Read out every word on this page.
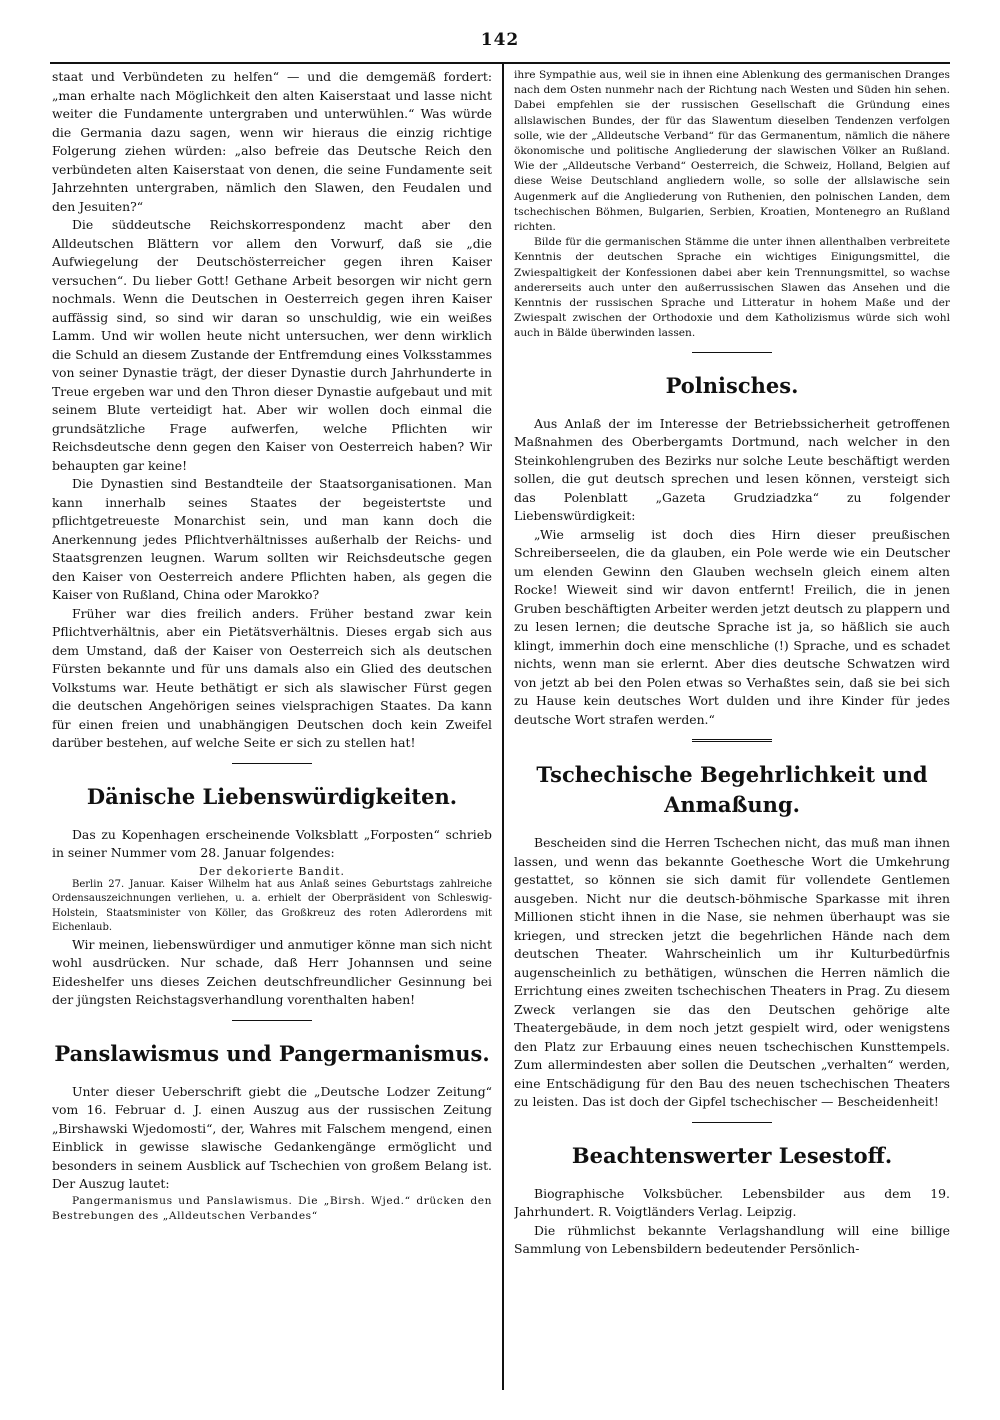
142

staat und Verbündeten zu helfen“ — und die demgemäß fordert: „man erhalte nach Möglichkeit den alten Kaiserstaat und lasse nicht weiter die Fundamente untergraben und unterwühlen.“ Was würde die Germania dazu sagen, wenn wir hieraus die einzig richtige Folgerung ziehen würden: „also befreie das Deutsche Reich den verbündeten alten Kaiserstaat von denen, die seine Fundamente seit Jahrzehnten untergraben, nämlich den Slawen, den Feudalen und den Jesuiten?“

Die süddeutsche Reichskorrespondenz macht aber den Alldeutschen Blättern vor allem den Vorwurf, daß sie „die Aufwiegelung der Deutschösterreicher gegen ihren Kaiser versuchen“. Du lieber Gott! Gethane Arbeit besorgen wir nicht gern nochmals. Wenn die Deutschen in Oesterreich gegen ihren Kaiser auffässig sind, so sind wir daran so unschuldig, wie ein weißes Lamm. Und wir wollen heute nicht untersuchen, wer denn wirklich die Schuld an diesem Zustande der Entfremdung eines Volksstammes von seiner Dynastie trägt, der dieser Dynastie durch Jahrhunderte in Treue ergeben war und den Thron dieser Dynastie aufgebaut und mit seinem Blute verteidigt hat. Aber wir wollen doch einmal die grundsätzliche Frage aufwerfen, welche Pflichten wir Reichsdeutsche denn gegen den Kaiser von Oesterreich haben? Wir behaupten gar keine!

Die Dynastien sind Bestandteile der Staatsorganisationen. Man kann innerhalb seines Staates der begeistertste und pflichtgetreueste Monarchist sein, und man kann doch die Anerkennung jedes Pflichtverhältnisses außerhalb der Reichs- und Staatsgrenzen leugnen. Warum sollten wir Reichsdeutsche gegen den Kaiser von Oesterreich andere Pflichten haben, als gegen die Kaiser von Rußland, China oder Marokko?

Früher war dies freilich anders. Früher bestand zwar kein Pflichtverhältnis, aber ein Pietätsverhältnis. Dieses ergab sich aus dem Umstand, daß der Kaiser von Oesterreich sich als deutschen Fürsten bekannte und für uns damals also ein Glied des deutschen Volkstums war. Heute bethätigt er sich als slawischer Fürst gegen die deutschen Angehörigen seines vielsprachigen Staates. Da kann für einen freien und unabhängigen Deutschen doch kein Zweifel darüber bestehen, auf welche Seite er sich zu stellen hat!

Dänische Liebenswürdigkeiten.

Das zu Kopenhagen erscheinende Volksblatt „Forposten“ schrieb in seiner Nummer vom 28. Januar folgendes:

Der dekorierte Bandit.

Berlin 27. Januar. Kaiser Wilhelm hat aus Anlaß seines Geburtstags zahlreiche Ordensauszeichnungen verliehen, u. a. erhielt der Oberpräsident von Schleswig-Holstein, Staatsminister von Köller, das Großkreuz des roten Adlerordens mit Eichenlaub.

Wir meinen, liebenswürdiger und anmutiger könne man sich nicht wohl ausdrücken. Nur schade, daß Herr Johannsen und seine Eideshelfer uns dieses Zeichen deutschfreundlicher Gesinnung bei der jüngsten Reichstagsverhandlung vorenthalten haben!

Panslawismus und Pangermanismus.

Unter dieser Ueberschrift giebt die „Deutsche Lodzer Zeitung“ vom 16. Februar d. J. einen Auszug aus der russischen Zeitung „Birshawski Wjedomosti“, der, Wahres mit Falschem mengend, einen Einblick in gewisse slawische Gedankengänge ermöglicht und besonders in seinem Ausblick auf Tschechien von großem Belang ist. Der Auszug lautet:

Pangermanismus und Panslawismus. Die „Birsh. Wjed.“ drücken den Bestrebungen des „Alldeutschen Verbandes“

ihre Sympathie aus, weil sie in ihnen eine Ablenkung des germanischen Dranges nach dem Osten nunmehr nach der Richtung nach Westen und Süden hin sehen. Dabei empfehlen sie der russischen Gesellschaft die Gründung eines allslawischen Bundes, der für das Slawentum dieselben Tendenzen verfolgen solle, wie der „Alldeutsche Verband“ für das Germanentum, nämlich die nähere ökonomische und politische Angliederung der slawischen Völker an Rußland. Wie der „Alldeutsche Verband“ Oesterreich, die Schweiz, Holland, Belgien auf diese Weise Deutschland angliedern wolle, so solle der allslawische sein Augenmerk auf die Angliederung von Ruthenien, den polnischen Landen, dem tschechischen Böhmen, Bulgarien, Serbien, Kroatien, Montenegro an Rußland richten.

Bilde für die germanischen Stämme die unter ihnen allenthalben verbreitete Kenntnis der deutschen Sprache ein wichtiges Einigungsmittel, die Zwiespaltigkeit der Konfessionen dabei aber kein Trennungsmittel, so wachse andererseits auch unter den außerrussischen Slawen das Ansehen und die Kenntnis der russischen Sprache und Litteratur in hohem Maße und der Zwiespalt zwischen der Orthodoxie und dem Katholizismus würde sich wohl auch in Bälde überwinden lassen.

Polnisches.

Aus Anlaß der im Interesse der Betriebssicherheit getroffenen Maßnahmen des Oberbergamts Dortmund, nach welcher in den Steinkohlengruben des Bezirks nur solche Leute beschäftigt werden sollen, die gut deutsch sprechen und lesen können, versteigt sich das Polenblatt „Gazeta Grudziadzka“ zu folgender Liebenswürdigkeit:

„Wie armselig ist doch dies Hirn dieser preußischen Schreiberseelen, die da glauben, ein Pole werde wie ein Deutscher um elenden Gewinn den Glauben wechseln gleich einem alten Rocke! Wieweit sind wir davon entfernt! Freilich, die in jenen Gruben beschäftigten Arbeiter werden jetzt deutsch zu plappern und zu lesen lernen; die deutsche Sprache ist ja, so häßlich sie auch klingt, immerhin doch eine menschliche (!) Sprache, und es schadet nichts, wenn man sie erlernt. Aber dies deutsche Schwatzen wird von jetzt ab bei den Polen etwas so Verhaßtes sein, daß sie bei sich zu Hause kein deutsches Wort dulden und ihre Kinder für jedes deutsche Wort strafen werden.“

Tschechische Begehrlichkeit und Anmaßung.

Bescheiden sind die Herren Tschechen nicht, das muß man ihnen lassen, und wenn das bekannte Goethesche Wort die Umkehrung gestattet, so können sie sich damit für vollendete Gentlemen ausgeben. Nicht nur die deutsch-böhmische Sparkasse mit ihren Millionen sticht ihnen in die Nase, sie nehmen überhaupt was sie kriegen, und strecken jetzt die begehrlichen Hände nach dem deutschen Theater. Wahrscheinlich um ihr Kulturbedürfnis augenscheinlich zu bethätigen, wünschen die Herren nämlich die Errichtung eines zweiten tschechischen Theaters in Prag. Zu diesem Zweck verlangen sie das den Deutschen gehörige alte Theatergebäude, in dem noch jetzt gespielt wird, oder wenigstens den Platz zur Erbauung eines neuen tschechischen Kunsttempels. Zum allermindesten aber sollen die Deutschen „verhalten“ werden, eine Entschädigung für den Bau des neuen tschechischen Theaters zu leisten. Das ist doch der Gipfel tschechischer — Bescheidenheit!

Beachtenswerter Lesestoff.

Biographische Volksbücher. Lebensbilder aus dem 19. Jahrhundert. R. Voigtländers Verlag. Leipzig.

Die rühmlichst bekannte Verlagshandlung will eine billige Sammlung von Lebensbildern bedeutender Persönlich-
